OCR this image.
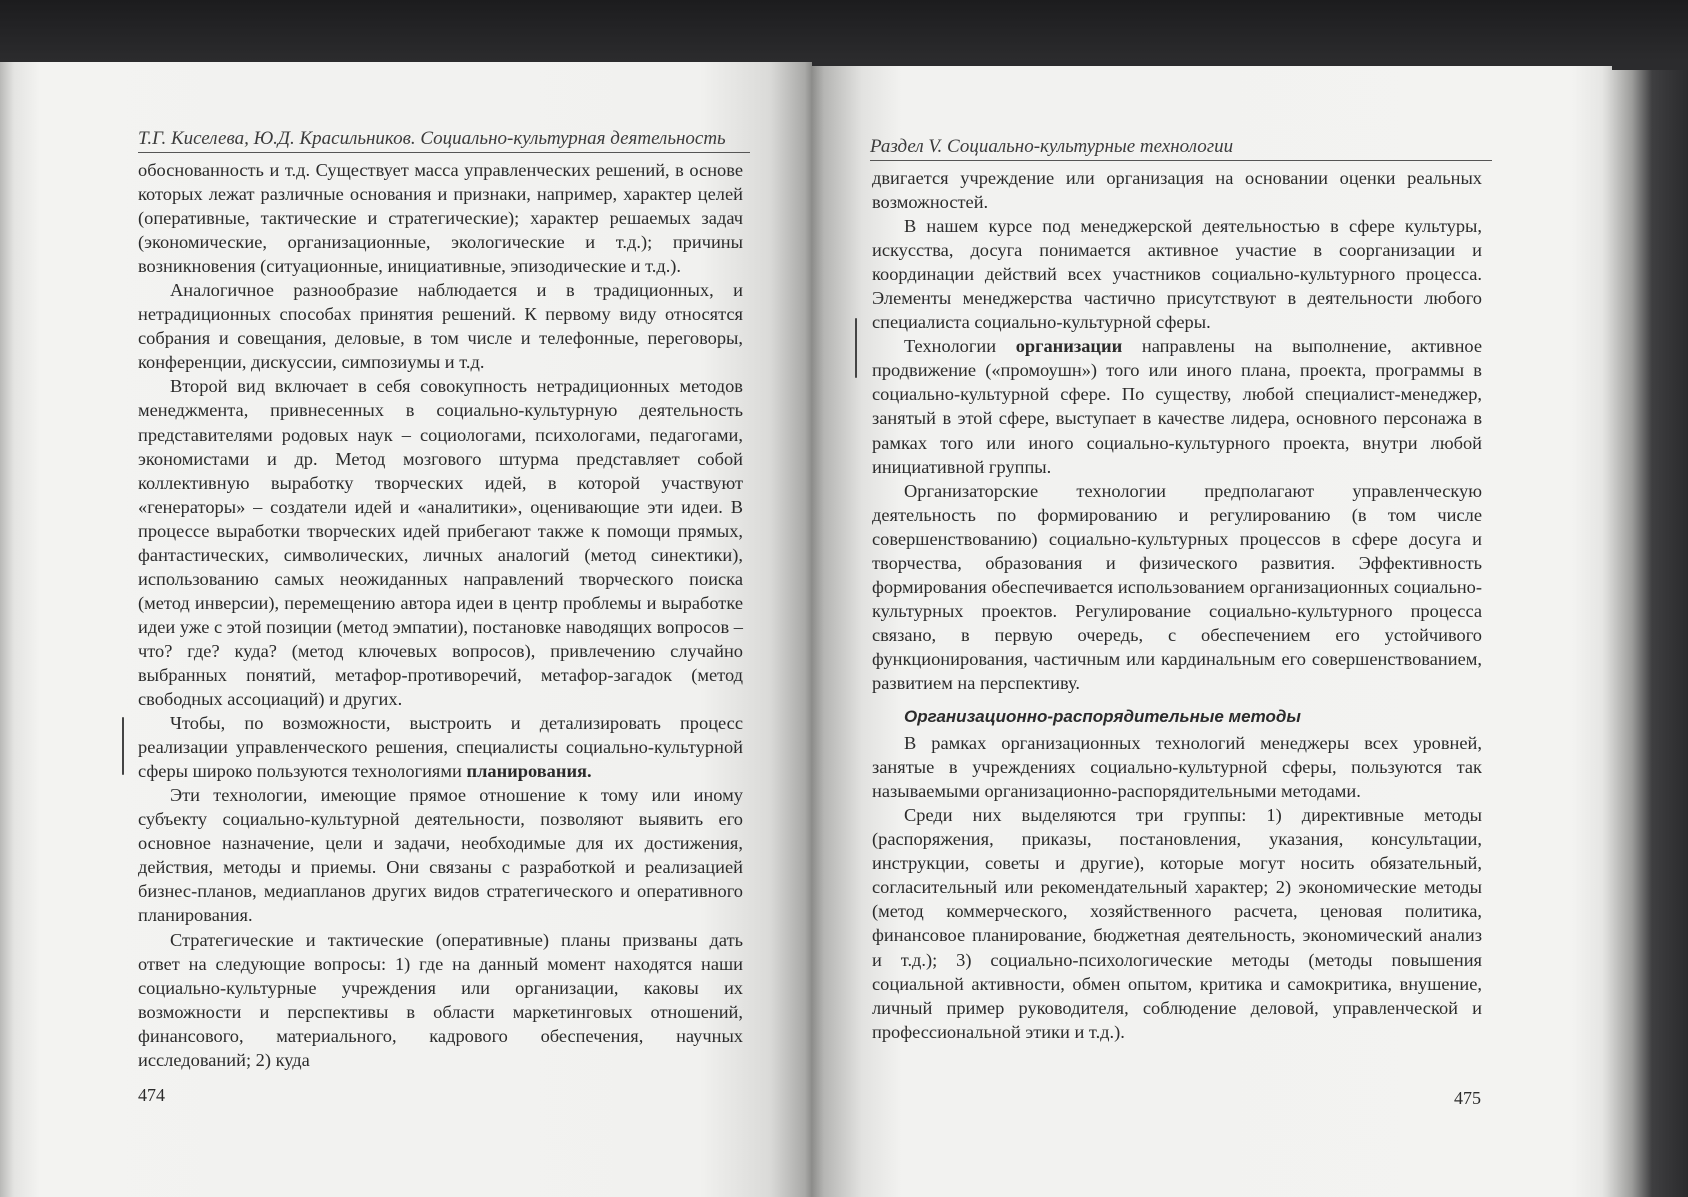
Т.Г. Киселева, Ю.Д. Красильников. Социально-культурная деятельность

обоснованность и т.д. Существует масса управленческих решений, в основе которых лежат различные основания и признаки, например, характер целей (оперативные, тактические и стратегические); характер решаемых задач (экономические, организационные, экологические и т.д.); причины возникновения (ситуационные, инициативные, эпизодические и т.д.).

Аналогичное разнообразие наблюдается и в традиционных, и нетрадиционных способах принятия решений. К первому виду относятся собрания и совещания, деловые, в том числе и телефонные, переговоры, конференции, дискуссии, симпозиумы и т.д.

Второй вид включает в себя совокупность нетрадиционных методов менеджмента, привнесенных в социально-культурную деятельность представителями родовых наук – социологами, психологами, педагогами, экономистами и др. Метод мозгового штурма представляет собой коллективную выработку творческих идей, в которой участвуют «генераторы» – создатели идей и «аналитики», оценивающие эти идеи. В процессе выработки творческих идей прибегают также к помощи прямых, фантастических, символических, личных аналогий (метод синектики), использованию самых неожиданных направлений творческого поиска (метод инверсии), перемещению автора идеи в центр проблемы и выработке идеи уже с этой позиции (метод эмпатии), постановке наводящих вопросов – что? где? куда? (метод ключевых вопросов), привлечению случайно выбранных понятий, метафор-противоречий, метафор-загадок (метод свободных ассоциаций) и других.

Чтобы, по возможности, выстроить и детализировать процесс реализации управленческого решения, специалисты социально-культурной сферы широко пользуются технологиями планирования.

Эти технологии, имеющие прямое отношение к тому или иному субъекту социально-культурной деятельности, позволяют выявить его основное назначение, цели и задачи, необходимые для их достижения, действия, методы и приемы. Они связаны с разработкой и реализацией бизнес-планов, медиапланов других видов стратегического и оперативного планирования.

Стратегические и тактические (оперативные) планы призваны дать ответ на следующие вопросы: 1) где на данный момент находятся наши социально-культурные учреждения или организации, каковы их возможности и перспективы в области маркетинговых отношений, финансового, материального, кадрового обеспечения, научных исследований; 2) куда

474
Раздел V. Социально-культурные технологии

двигается учреждение или организация на основании оценки реальных возможностей.

В нашем курсе под менеджерской деятельностью в сфере культуры, искусства, досуга понимается активное участие в соорганизации и координации действий всех участников социально-культурного процесса. Элементы менеджерства частично присутствуют в деятельности любого специалиста социально-культурной сферы.

Технологии организации направлены на выполнение, активное продвижение («промоушн») того или иного плана, проекта, программы в социально-культурной сфере. По существу, любой специалист-менеджер, занятый в этой сфере, выступает в качестве лидера, основного персонажа в рамках того или иного социально-культурного проекта, внутри любой инициативной группы.

Организаторские технологии предполагают управленческую деятельность по формированию и регулированию (в том числе совершенствованию) социально-культурных процессов в сфере досуга и творчества, образования и физического развития. Эффективность формирования обеспечивается использованием организационных социально-культурных проектов. Регулирование социально-культурного процесса связано, в первую очередь, с обеспечением его устойчивого функционирования, частичным или кардинальным его совершенствованием, развитием на перспективу.

Организационно-распорядительные методы

В рамках организационных технологий менеджеры всех уровней, занятые в учреждениях социально-культурной сферы, пользуются так называемыми организационно-распорядительными методами.

Среди них выделяются три группы: 1) директивные методы (распоряжения, приказы, постановления, указания, консультации, инструкции, советы и другие), которые могут носить обязательный, согласительный или рекомендательный характер; 2) экономические методы (метод коммерческого, хозяйственного расчета, ценовая политика, финансовое планирование, бюджетная деятельность, экономический анализ и т.д.); 3) социально-психологические методы (методы повышения социальной активности, обмен опытом, критика и самокритика, внушение, личный пример руководителя, соблюдение деловой, управленческой и профессиональной этики и т.д.).

475
